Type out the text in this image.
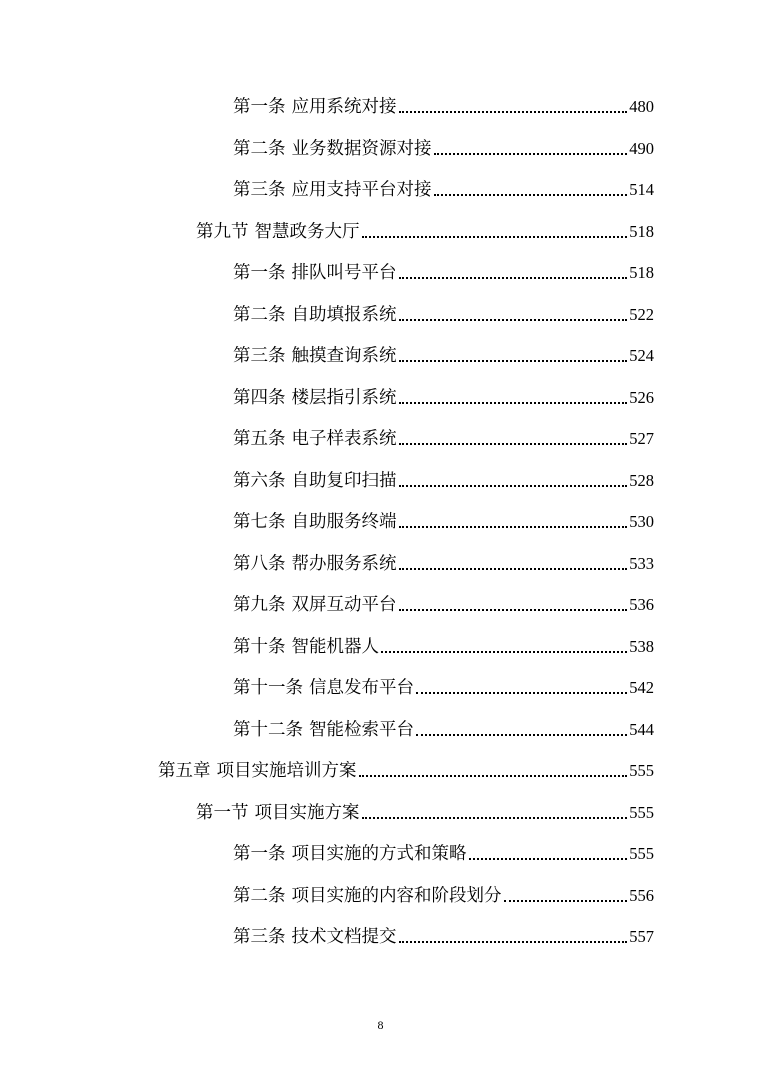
第一条 应用系统对接	480
第二条 业务数据资源对接	490
第三条 应用支持平台对接	514
第九节 智慧政务大厅	518
第一条 排队叫号平台	518
第二条 自助填报系统	522
第三条 触摸查询系统	524
第四条 楼层指引系统	526
第五条 电子样表系统	527
第六条 自助复印扫描	528
第七条 自助服务终端	530
第八条 帮办服务系统	533
第九条 双屏互动平台	536
第十条 智能机器人	538
第十一条 信息发布平台	542
第十二条 智能检索平台	544
第五章 项目实施培训方案	555
第一节 项目实施方案	555
第一条 项目实施的方式和策略	555
第二条 项目实施的内容和阶段划分	556
第三条 技术文档提交	557
8
